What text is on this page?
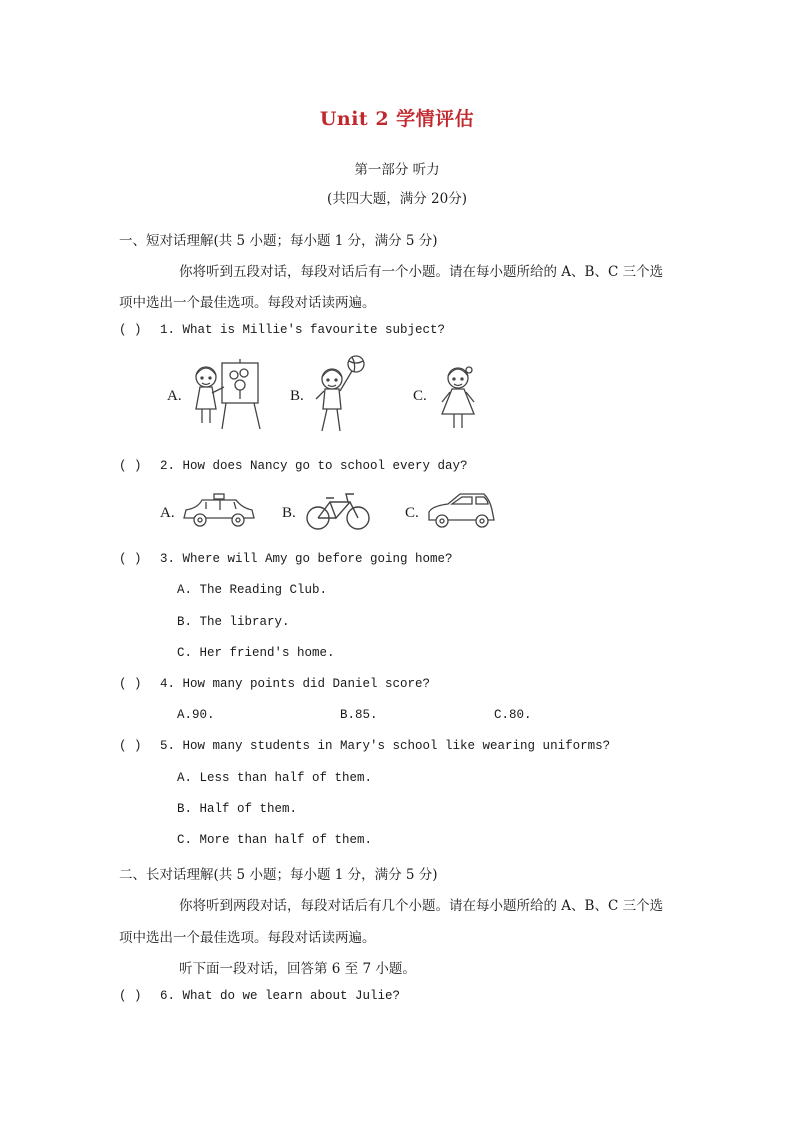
Unit 2 学情评估
第一部分 听力
(共四大题，满分 20分)
一、短对话理解(共 5 小题；每小题 1 分，满分 5 分)
你将听到五段对话，每段对话后有一个小题。请在每小题所给的 A、B、C 三个选
项中选出一个最佳选项。每段对话读两遍。
( ) 1. What is Millie's favourite subject?
A.	B.	C.
( ) 2. How does Nancy go to school every day?
A.	B.	C.
( ) 3. Where will Amy go before going home?
A. The Reading Club.
B. The library.
C. Her friend's home.
( ) 4. How many points did Daniel score?
A.90.	B.85.	C.80.
( ) 5. How many students in Mary's school like wearing uniforms?
A. Less than half of them.
B. Half of them.
C. More than half of them.
二、长对话理解(共 5 小题；每小题 1 分，满分 5 分)
你将听到两段对话，每段对话后有几个小题。请在每小题所给的 A、B、C 三个选
项中选出一个最佳选项。每段对话读两遍。
听下面一段对话，回答第 6 至 7 小题。
( ) 6. What do we learn about Julie?
